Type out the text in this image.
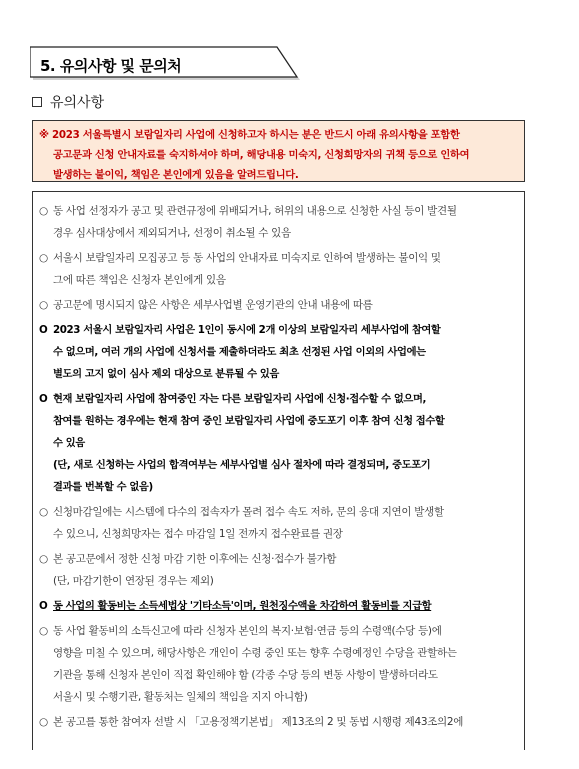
5. 유의사항 및 문의처
유의사항
※ 2023 서울특별시 보람일자리 사업에 신청하고자 하시는 분은 반드시 아래 유의사항을 포함한
공고문과 신청 안내자료를 숙지하셔야 하며, 해당내용 미숙지, 신청희망자의 귀책 등으로 인하여
발생하는 불이익, 책임은 본인에게 있음을 알려드립니다.
○ 동 사업 선정자가 공고 및 관련규정에 위배되거나, 허위의 내용으로 신청한 사실 등이 발견될
경우 심사대상에서 제외되거나, 선정이 취소될 수 있음
○ 서울시 보람일자리 모집공고 등 동 사업의 안내자료 미숙지로 인하여 발생하는 불이익 및
그에 따른 책임은 신청자 본인에게 있음
○ 공고문에 명시되지 않은 사항은 세부사업별 운영기관의 안내 내용에 따름
O 2023 서울시 보람일자리 사업은 1인이 동시에 2개 이상의 보람일자리 세부사업에 참여할
수 없으며, 여러 개의 사업에 신청서를 제출하더라도 최초 선정된 사업 이외의 사업에는
별도의 고지 없이 심사 제외 대상으로 분류될 수 있음
O 현재 보람일자리 사업에 참여중인 자는 다른 보람일자리 사업에 신청·접수할 수 없으며,
참여를 원하는 경우에는 현재 참여 중인 보람일자리 사업에 중도포기 이후 참여 신청 접수할
수 있음
(단, 새로 신청하는 사업의 합격여부는 세부사업별 심사 절차에 따라 결정되며, 중도포기
결과를 번복할 수 없음)
○ 신청마감일에는 시스템에 다수의 접속자가 몰려 접수 속도 저하, 문의 응대 지연이 발생할
수 있으니, 신청희망자는 접수 마감일 1일 전까지 접수완료를 권장
○ 본 공고문에서 정한 신청 마감 기한 이후에는 신청·접수가 불가함
(단, 마감기한이 연장된 경우는 제외)
O 동 사업의 활동비는 소득세법상 '기타소득'이며, 원천징수액을 차감하여 활동비를 지급함
○ 동 사업 활동비의 소득신고에 따라 신청자 본인의 복지·보험·연금 등의 수령액(수당 등)에
영향을 미칠 수 있으며, 해당사항은 개인이 수령 중인 또는 향후 수령예정인 수당을 관할하는
기관을 통해 신청자 본인이 직접 확인해야 함 (각종 수당 등의 변동 사항이 발생하더라도
서울시 및 수행기관, 활동처는 일체의 책임을 지지 아니함)
○ 본 공고를 통한 참여자 선발 시 「고용정책기본법」 제13조의 2 및 동법 시행령 제43조의2에
